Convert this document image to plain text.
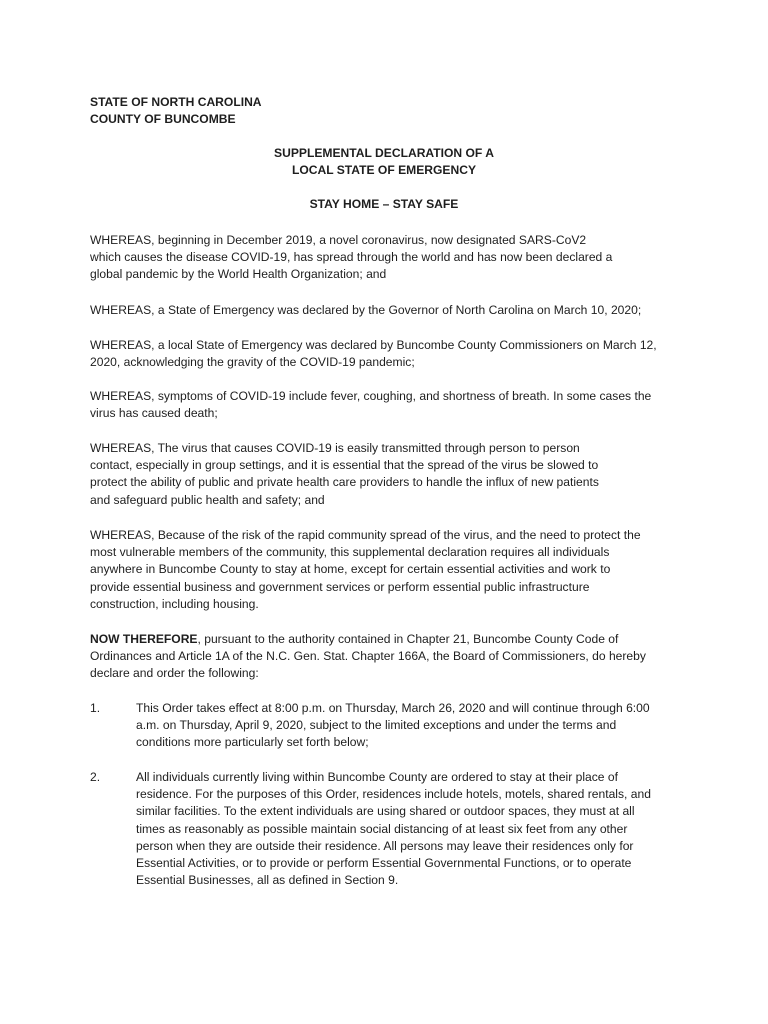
STATE OF NORTH CAROLINA
COUNTY OF BUNCOMBE
SUPPLEMENTAL DECLARATION OF A
LOCAL STATE OF EMERGENCY
STAY HOME – STAY SAFE
WHEREAS, beginning in December 2019, a novel coronavirus, now designated SARS-CoV2
which causes the disease COVID-19, has spread through the world and has now been declared a
global pandemic by the World Health Organization; and
WHEREAS, a State of Emergency was declared by the Governor of North Carolina on March 10, 2020;
WHEREAS, a local State of Emergency was declared by Buncombe County Commissioners on March 12,
2020, acknowledging the gravity of the COVID-19 pandemic;
WHEREAS, symptoms of COVID-19 include fever, coughing, and shortness of breath. In some cases the
virus has caused death;
WHEREAS, The virus that causes COVID-19 is easily transmitted through person to person
contact, especially in group settings, and it is essential that the spread of the virus be slowed to
protect the ability of public and private health care providers to handle the influx of new patients
and safeguard public health and safety; and
WHEREAS, Because of the risk of the rapid community spread of the virus, and the need to protect the
most vulnerable members of the community, this supplemental declaration requires all individuals
anywhere in Buncombe County to stay at home, except for certain essential activities and work to
provide essential business and government services or perform essential public infrastructure
construction, including housing.
NOW THEREFORE, pursuant to the authority contained in Chapter 21, Buncombe County Code of
Ordinances and Article 1A of the N.C. Gen. Stat. Chapter 166A, the Board of Commissioners, do hereby
declare and order the following:
1.	This Order takes effect at 8:00 p.m. on Thursday, March 26, 2020 and will continue through 6:00
a.m. on Thursday, April 9, 2020, subject to the limited exceptions and under the terms and
conditions more particularly set forth below;
2.	All individuals currently living within Buncombe County are ordered to stay at their place of
residence. For the purposes of this Order, residences include hotels, motels, shared rentals, and
similar facilities. To the extent individuals are using shared or outdoor spaces, they must at all
times as reasonably as possible maintain social distancing of at least six feet from any other
person when they are outside their residence. All persons may leave their residences only for
Essential Activities, or to provide or perform Essential Governmental Functions, or to operate
Essential Businesses, all as defined in Section 9.
